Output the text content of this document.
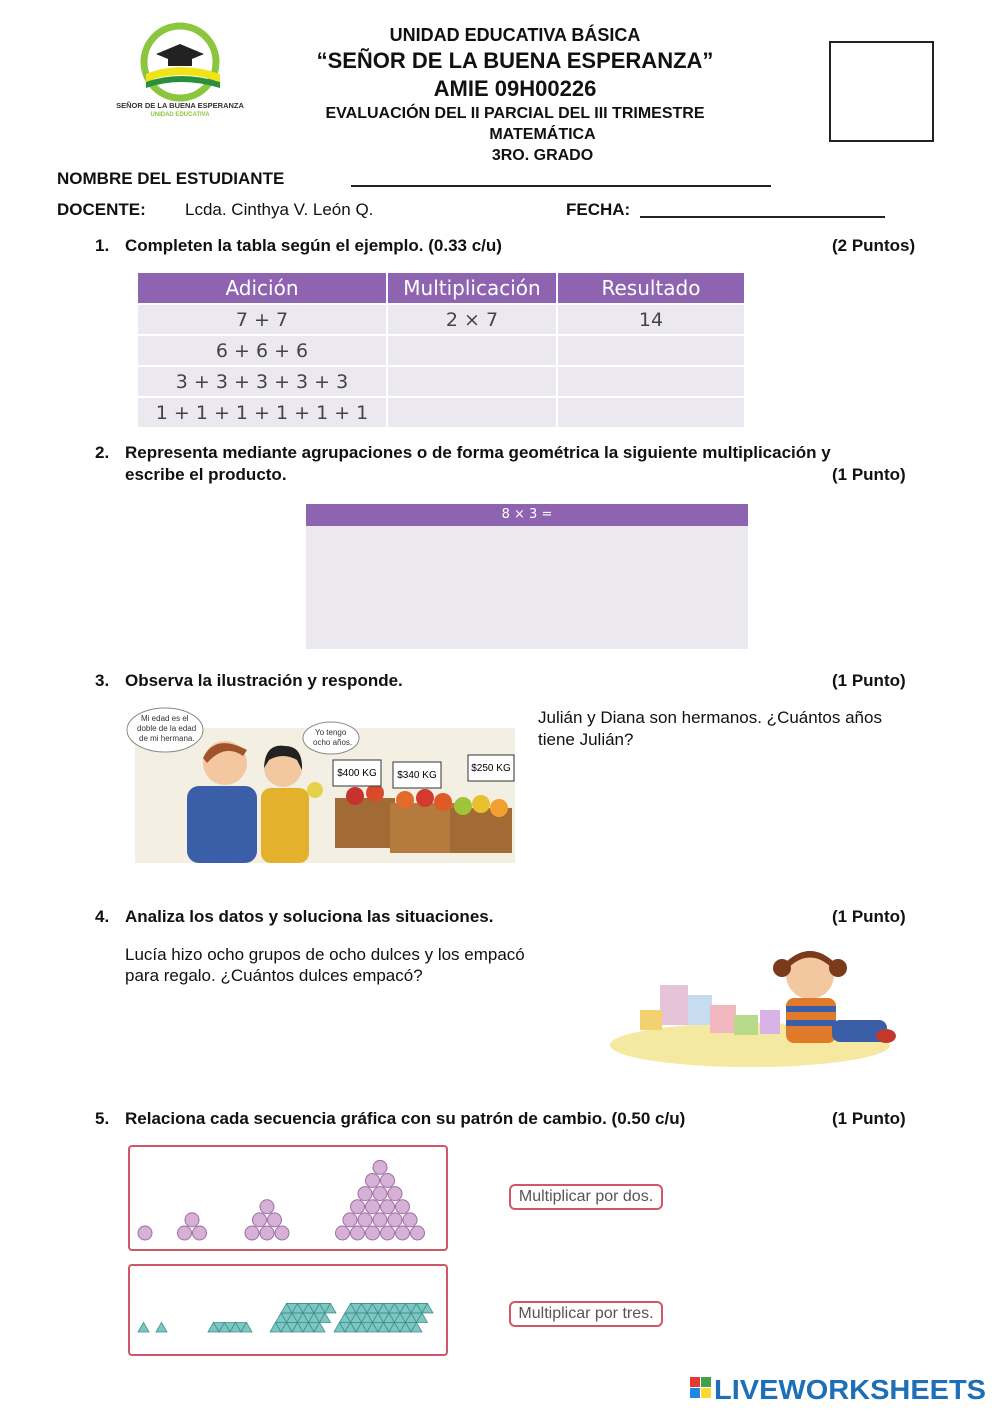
SEÑOR DE LA BUENA ESPERANZA
UNIDAD EDUCATIVA
UNIDAD EDUCATIVA BÁSICA
“SEÑOR DE LA BUENA ESPERANZA”
AMIE 09H00226
EVALUACIÓN DEL II PARCIAL DEL III TRIMESTRE
MATEMÁTICA
3RO. GRADO
NOMBRE DEL ESTUDIANTE
DOCENTE: Lcda. Cinthya V. León Q.	FECHA:
1. Completen la tabla según el ejemplo. (0.33 c/u)	(2 Puntos)
Adición	Multiplicación	Resultado
7 + 7	2 × 7	14
6 + 6 + 6		
3 + 3 + 3 + 3 + 3		
1 + 1 + 1 + 1 + 1 + 1		
2. Representa mediante agrupaciones o de forma geométrica la siguiente multiplicación y
escribe el producto.	(1 Punto)
8 × 3 =
3. Observa la ilustración y responde.	(1 Punto)
Julián y Diana son hermanos. ¿Cuántos años
tiene Julián?
$400 KG $340 KG
$250 KG
Mi edad es el
doble de la edad
de mi hermana.
Yo tengo
ocho años.
4. Analiza los datos y soluciona las situaciones.	(1 Punto)
Lucía hizo ocho grupos de ocho dulces y los empacó
para regalo. ¿Cuántos dulces empacó?
5. Relaciona cada secuencia gráfica con su patrón de cambio. (0.50 c/u)	(1 Punto)
Multiplicar por dos.
Multiplicar por tres.
LIVEWORKSHEETS
